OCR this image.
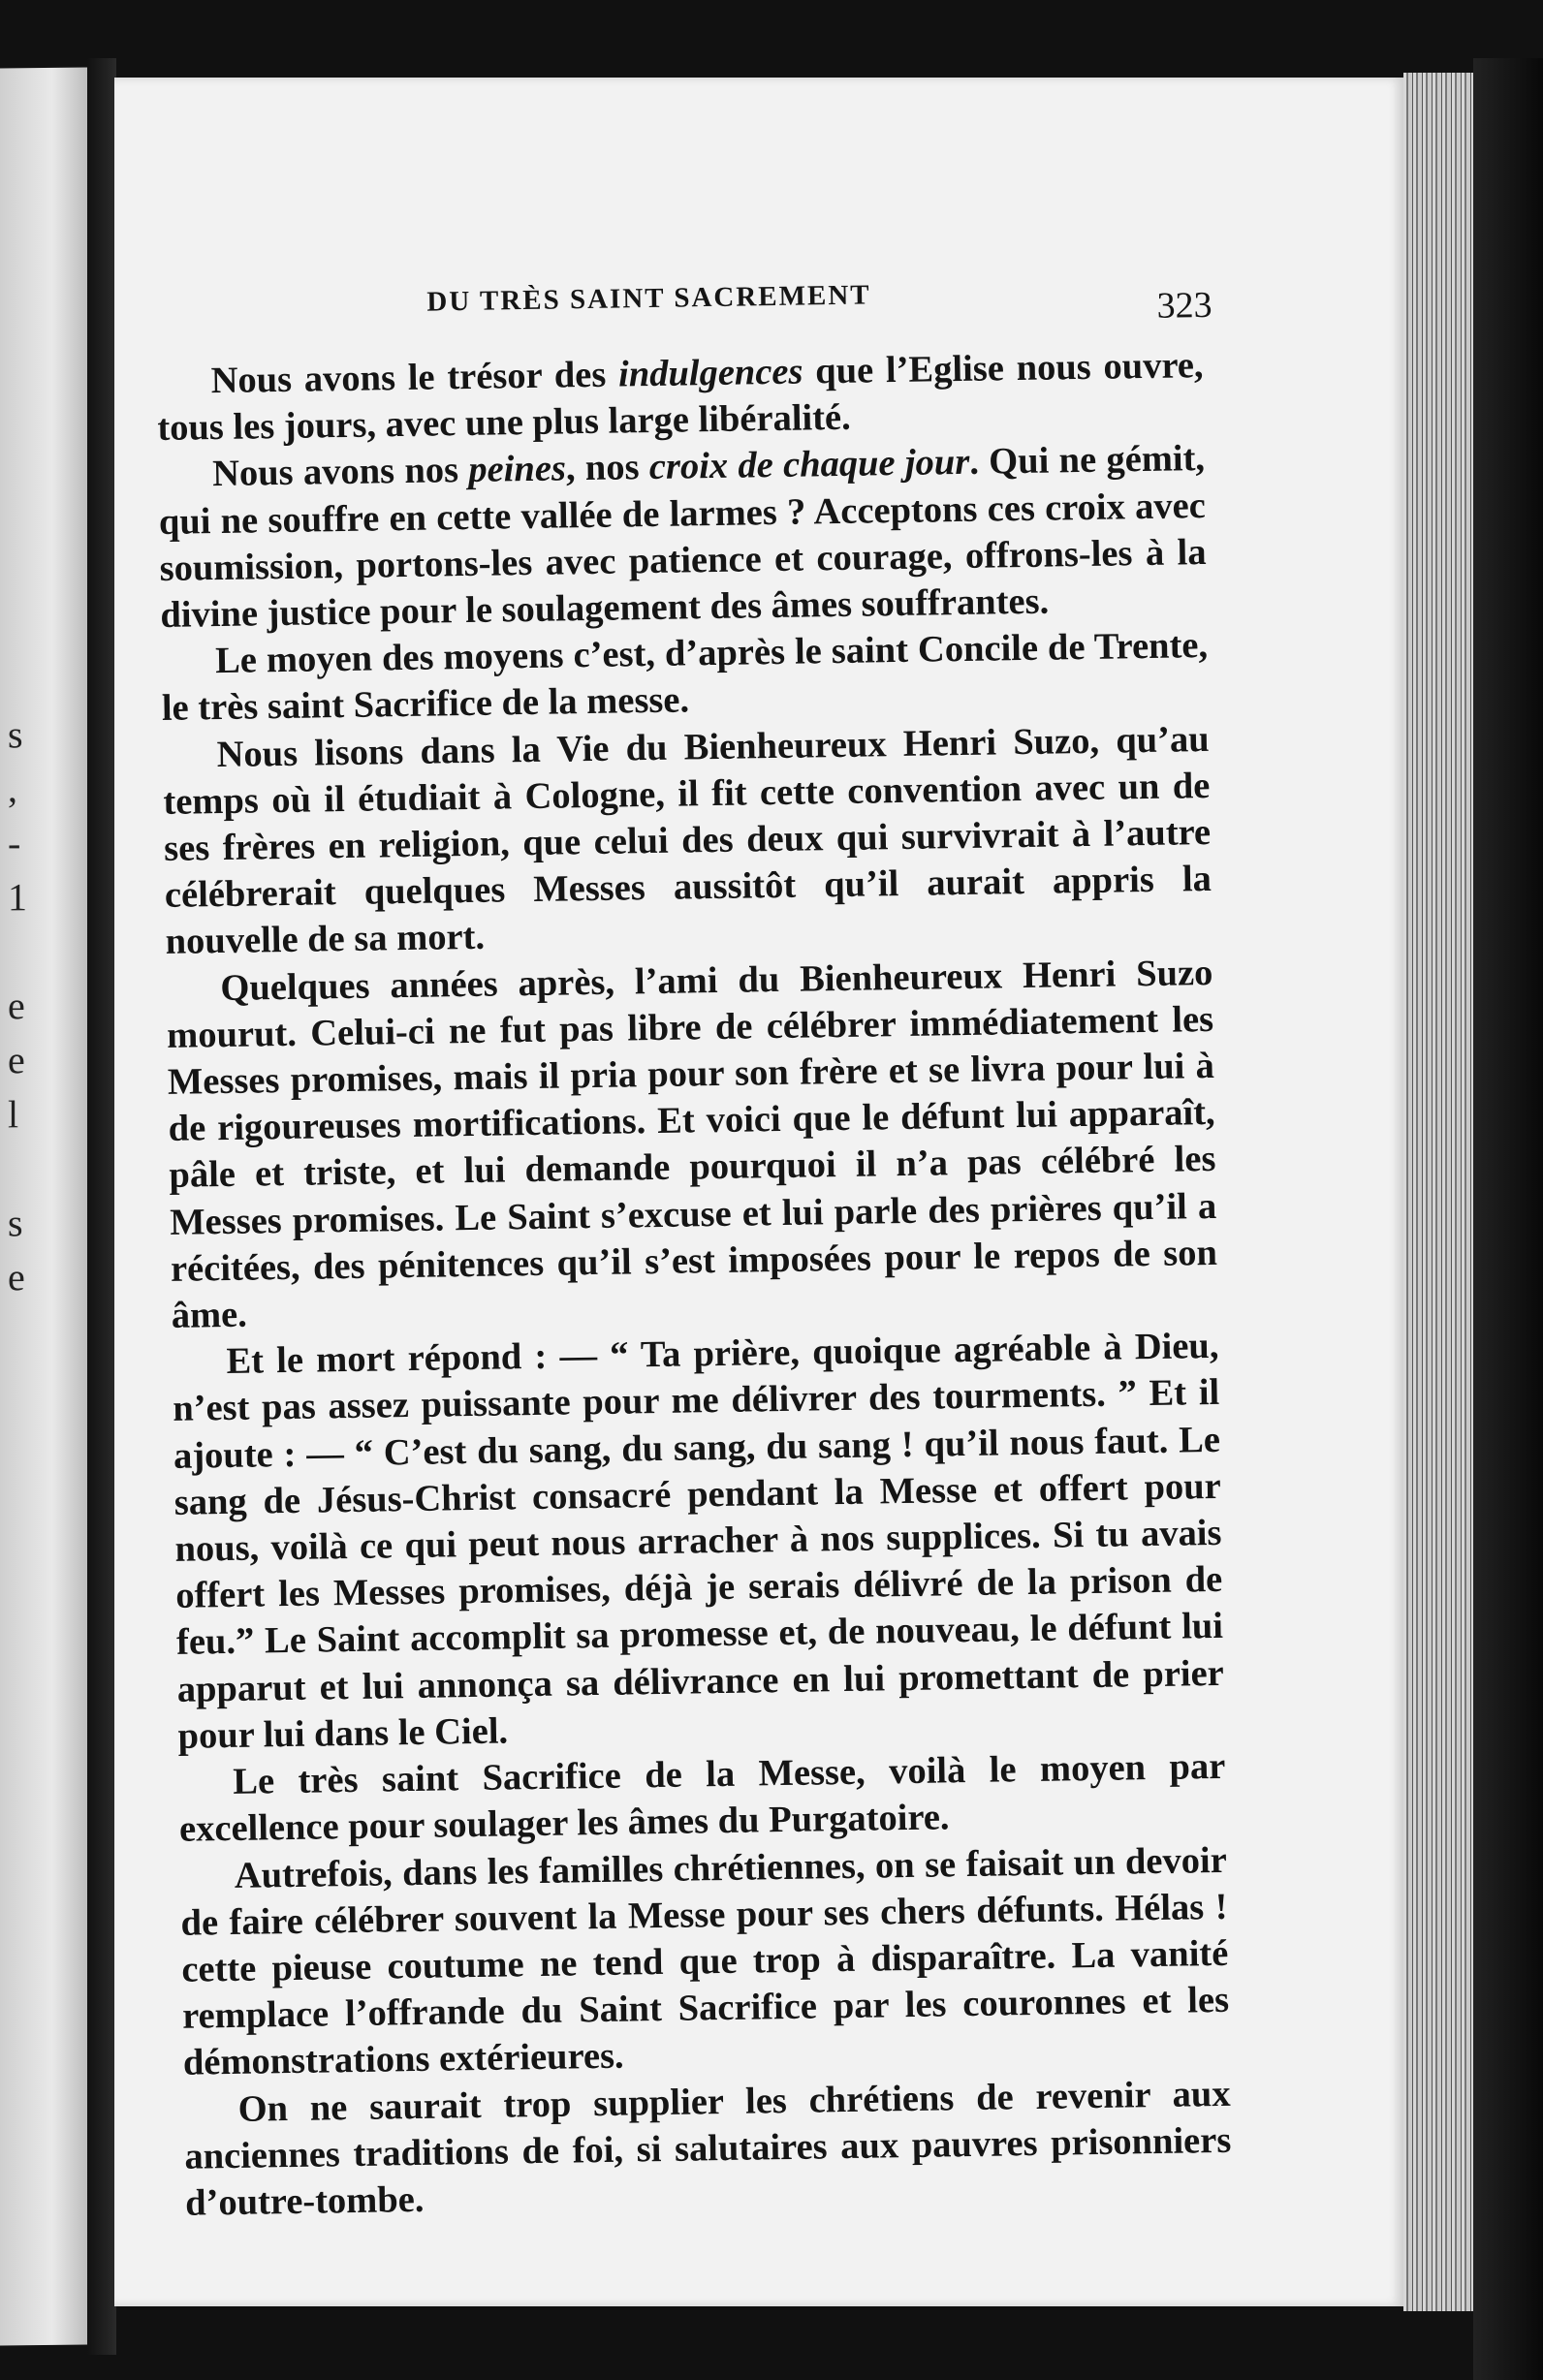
s
,
-
1

e
e
l

s
e
DU TRÈS SAINT SACREMENT	323

Nous avons le trésor des indulgences que l’Eglise nous ouvre, tous les jours, avec une plus large libéralité.

Nous avons nos peines, nos croix de chaque jour. Qui ne gémit, qui ne souffre en cette vallée de larmes ? Acceptons ces croix avec soumission, portons-les avec patience et courage, offrons-les à la divine justice pour le soulagement des âmes souffrantes.

Le moyen des moyens c’est, d’après le saint Concile de Trente, le très saint Sacrifice de la messe.

Nous lisons dans la Vie du Bienheureux Henri Suzo, qu’au temps où il étudiait à Cologne, il fit cette convention avec un de ses frères en religion, que celui des deux qui survivrait à l’autre célébrerait quelques Messes aussitôt qu’il aurait appris la nouvelle de sa mort.

Quelques années après, l’ami du Bienheureux Henri Suzo mourut. Celui-ci ne fut pas libre de célébrer immédiatement les Messes promises, mais il pria pour son frère et se livra pour lui à de rigoureuses mortifications. Et voici que le défunt lui apparaît, pâle et triste, et lui demande pourquoi il n’a pas célébré les Messes promises. Le Saint s’excuse et lui parle des prières qu’il a récitées, des pénitences qu’il s’est imposées pour le repos de son âme.

Et le mort répond : — “ Ta prière, quoique agréable à Dieu, n’est pas assez puissante pour me délivrer des tourments. ” Et il ajoute : — “ C’est du sang, du sang, du sang ! qu’il nous faut. Le sang de Jésus-Christ consacré pendant la Messe et offert pour nous, voilà ce qui peut nous arracher à nos supplices. Si tu avais offert les Messes promises, déjà je serais délivré de la prison de feu.” Le Saint accomplit sa promesse et, de nouveau, le défunt lui apparut et lui annonça sa délivrance en lui promettant de prier pour lui dans le Ciel.

Le très saint Sacrifice de la Messe, voilà le moyen par excellence pour soulager les âmes du Purgatoire.

Autrefois, dans les familles chrétiennes, on se faisait un devoir de faire célébrer souvent la Messe pour ses chers défunts. Hélas ! cette pieuse coutume ne tend que trop à disparaître. La vanité remplace l’offrande du Saint Sacrifice par les couronnes et les démonstrations extérieures.

On ne saurait trop supplier les chrétiens de revenir aux anciennes traditions de foi, si salutaires aux pauvres prisonniers d’outre-tombe.
